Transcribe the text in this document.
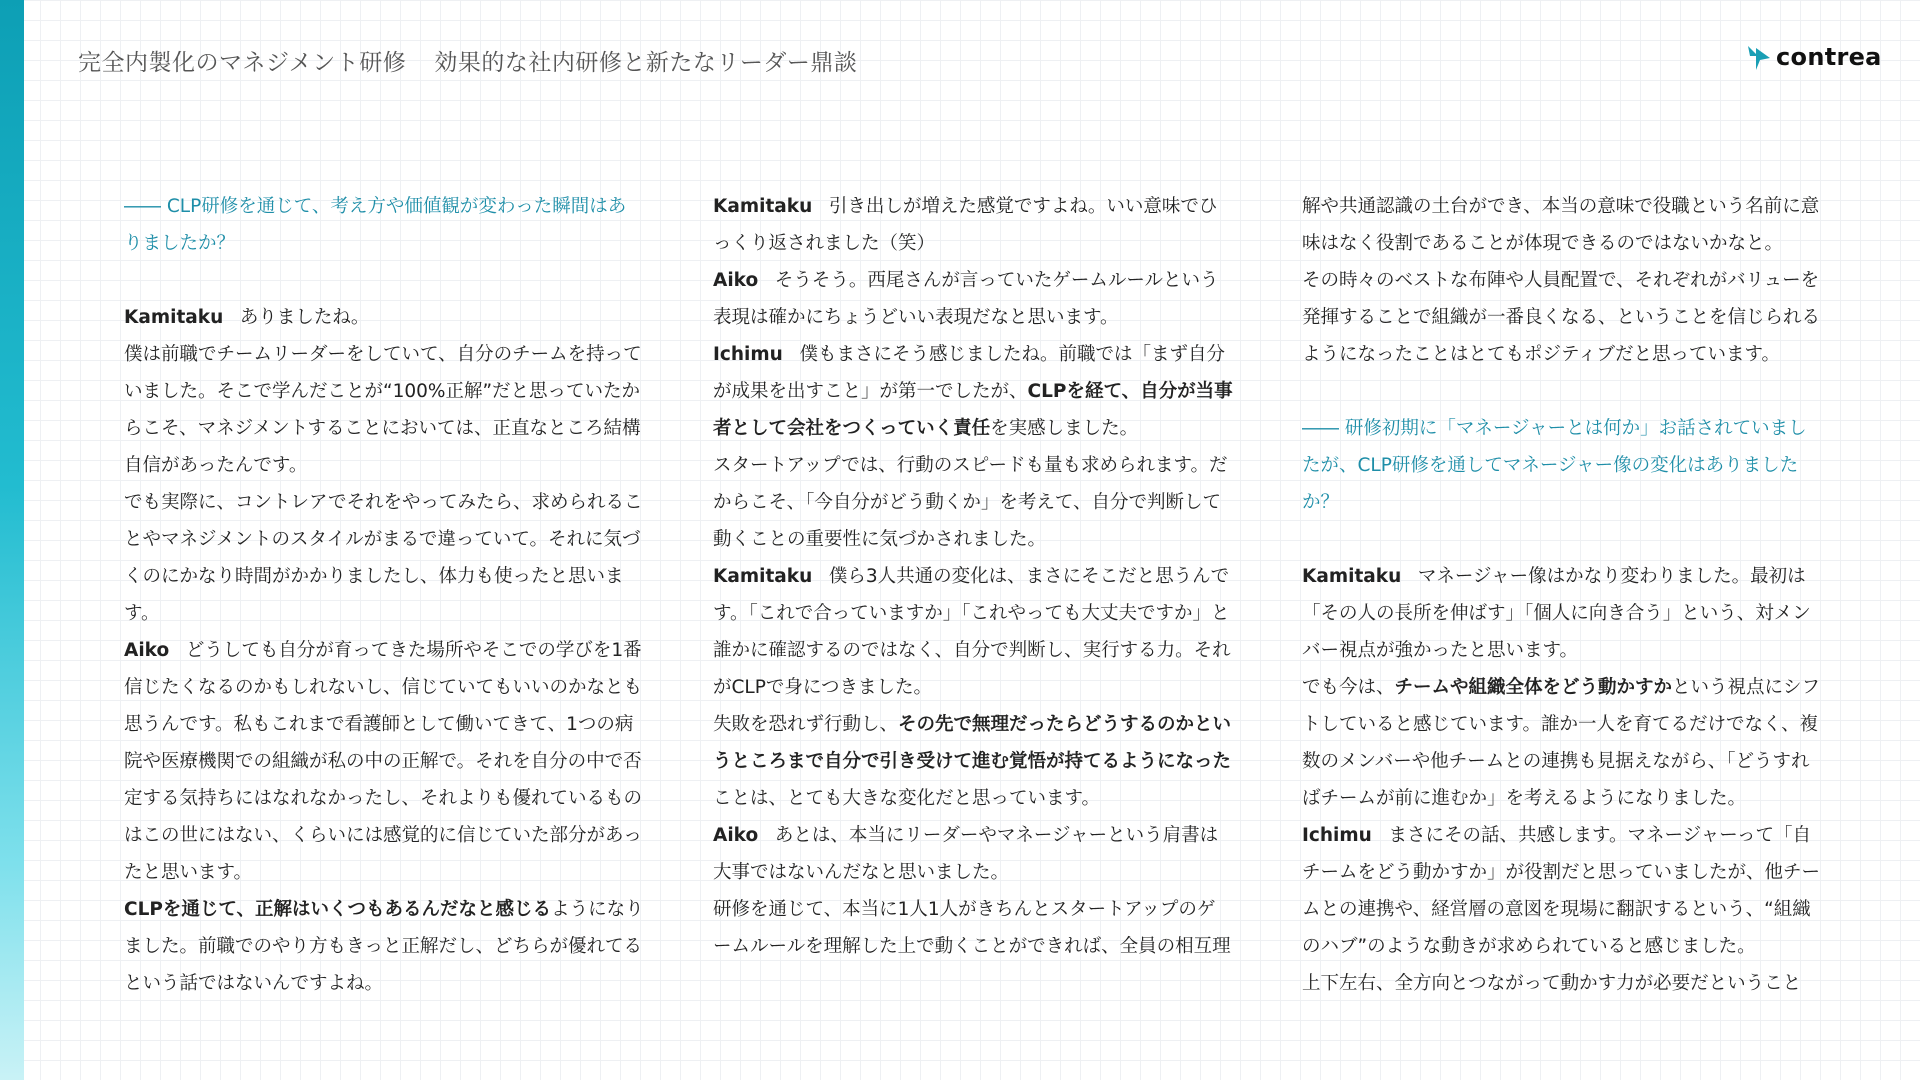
完全内製化のマネジメント研修 効果的な社内研修と新たなリーダー鼎談	contrea

―― CLP研修を通じて、考え方や価値観が変わった瞬間はありましたか？

Kamitaku ありましたね。

僕は前職でチームリーダーをしていて、自分のチームを持っていました。そこで学んだことが“100%正解”だと思っていたからこそ、マネジメントすることにおいては、正直なところ結構自信があったんです。

でも実際に、コントレアでそれをやってみたら、求められることやマネジメントのスタイルがまるで違っていて。それに気づくのにかなり時間がかかりましたし、体力も使ったと思います。

Aiko どうしても自分が育ってきた場所やそこでの学びを1番信じたくなるのかもしれないし、信じていてもいいのかなとも思うんです。私もこれまで看護師として働いてきて、1つの病院や医療機関での組織が私の中の正解で。それを自分の中で否定する気持ちにはなれなかったし、それよりも優れているものはこの世にはない、くらいには感覚的に信じていた部分があったと思います。

CLPを通じて、正解はいくつもあるんだなと感じるようになりました。前職でのやり方もきっと正解だし、どちらが優れてるという話ではないんですよね。

Kamitaku 引き出しが増えた感覚ですよね。いい意味でひっくり返されました（笑）

Aiko そうそう。西尾さんが言っていたゲームルールという表現は確かにちょうどいい表現だなと思います。

Ichimu 僕もまさにそう感じましたね。前職では「まず自分が成果を出すこと」が第一でしたが、CLPを経て、自分が当事者として会社をつくっていく責任を実感しました。

スタートアップでは、行動のスピードも量も求められます。だからこそ、「今自分がどう動くか」を考えて、自分で判断して動くことの重要性に気づかされました。

Kamitaku 僕ら3人共通の変化は、まさにそこだと思うんです。「これで合っていますか」「これやっても大丈夫ですか」と誰かに確認するのではなく、自分で判断し、実行する力。それがCLPで身につきました。

失敗を恐れず行動し、その先で無理だったらどうするのかというところまで自分で引き受けて進む覚悟が持てるようになったことは、とても大きな変化だと思っています。

Aiko あとは、本当にリーダーやマネージャーという肩書は大事ではないんだなと思いました。

研修を通じて、本当に1人1人がきちんとスタートアップのゲームルールを理解した上で動くことができれば、全員の相互理

解や共通認識の土台ができ、本当の意味で役職という名前に意味はなく役割であることが体現できるのではないかなと。

その時々のベストな布陣や人員配置で、それぞれがバリューを発揮することで組織が一番良くなる、ということを信じられるようになったことはとてもポジティブだと思っています。

―― 研修初期に「マネージャーとは何か」お話されていましたが、CLP研修を通してマネージャー像の変化はありましたか？

Kamitaku マネージャー像はかなり変わりました。最初は「その人の長所を伸ばす」「個人に向き合う」という、対メンバー視点が強かったと思います。

でも今は、チームや組織全体をどう動かすかという視点にシフトしていると感じています。誰か一人を育てるだけでなく、複数のメンバーや他チームとの連携も見据えながら、「どうすればチームが前に進むか」を考えるようになりました。

Ichimu まさにその話、共感します。マネージャーって「自チームをどう動かすか」が役割だと思っていましたが、他チームとの連携や、経営層の意図を現場に翻訳するという、“組織のハブ”のような動きが求められていると感じました。

上下左右、全方向とつながって動かす力が必要だということ
